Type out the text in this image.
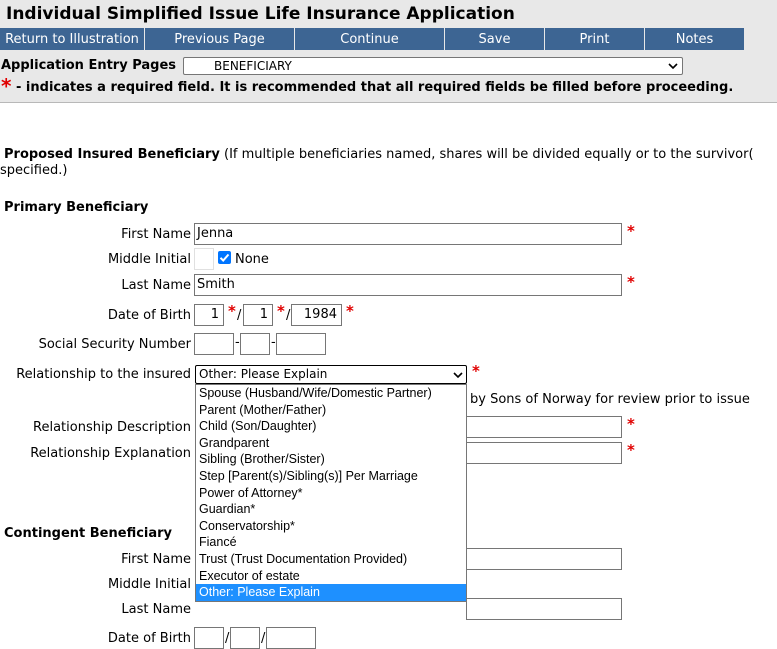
Individual Simplified Issue Life Insurance Application
Return to Illustration	Previous Page	Continue	Save	Print	Notes
Application Entry Pages	BENEFICIARY
* - indicates a required field. It is recommended that all required fields be filled before proceeding.
Proposed Insured Beneficiary (If multiple beneficiaries named, shares will be divided equally or to the survivor(
specified.)
Primary Beneficiary
First Name Jenna	*
Middle Initial	None
Last Name Smith	*
Date of Birth	1 * /	1 * /	1984 *
Social Security Number	- -
Relationship to the insured Other: Please Explain	*
by Sons of Norway for review prior to issue
Relationship Description	*
Relationship Explanation	*
Contingent Beneficiary
First Name
Middle Initial
Last Name
Date of Birth	/ /
Spouse (Husband/Wife/Domestic Partner)
Parent (Mother/Father)
Child (Son/Daughter)
Grandparent
Sibling (Brother/Sister)
Step [Parent(s)/Sibling(s)] Per Marriage
Power of Attorney*
Guardian*
Conservatorship*
Fiancé
Trust (Trust Documentation Provided)
Executor of estate
Other: Please Explain
